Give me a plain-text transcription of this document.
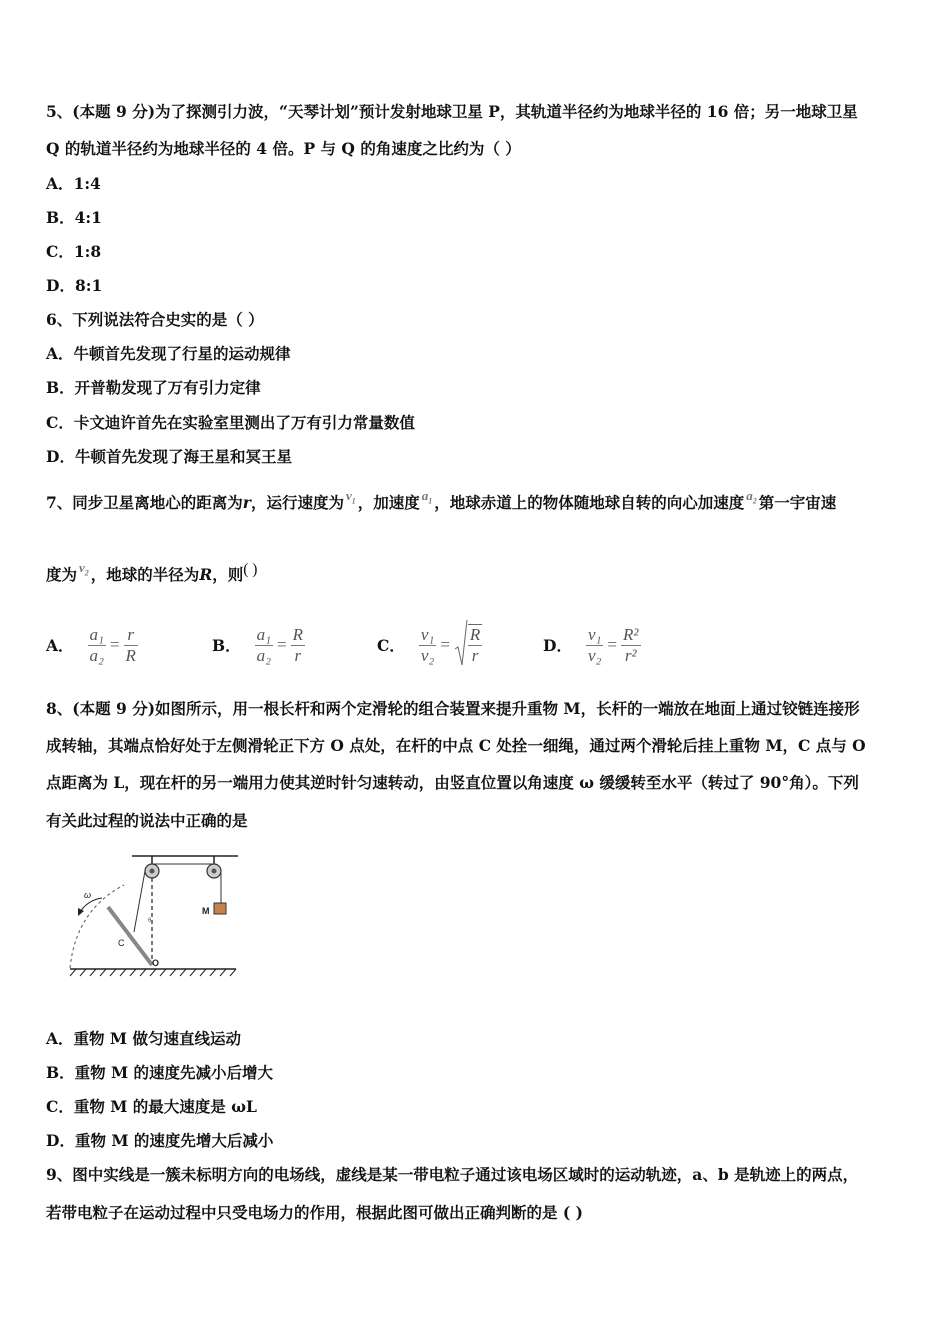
5、(本题 9 分)为了探测引力波，“天琴计划”预计发射地球卫星 P，其轨道半径约为地球半径的 16 倍；另一地球卫星
Q 的轨道半径约为地球半径的 4 倍。P 与 Q 的角速度之比约为（ ）
A．1:4
B．4:1
C．1:8
D．8:1
6、下列说法符合史实的是（ ）
A．牛顿首先发现了行星的运动规律
B．开普勒发现了万有引力定律
C．卡文迪许首先在实验室里测出了万有引力常量数值
D．牛顿首先发现了海王星和冥王星
7、同步卫星离地心的距离为r，运行速度为 $^{v_1}$ ，加速度 $^{a_1}$ ，地球赤道上的物体随地球自转的向心加速度 $^{a_2}$ 第一宇宙速
度为 $^{v_2}$ ，地球的半径为R，则( )
A． $\frac{\text{a₁}}{\text{a₂}} = \frac{r}{R}$	B． $\frac{\text{a₁}}{\text{a₂}} = \frac{R}{r}$	C． $\frac{\text{v₁}}{\text{v₂}} = \frac{R}{r}$	D． $\frac{\text{v₁}}{\text{v₂}} = \frac{\text{R²}}{\text{r²}}$
8、(本题 9 分)如图所示，用一根长杆和两个定滑轮的组合装置来提升重物 M，长杆的一端放在地面上通过铰链连接形
成转轴，其端点恰好处于左侧滑轮正下方 O 点处，在杆的中点 C 处拴一细绳，通过两个滑轮后挂上重物 M，C 点与 O
点距离为 L，现在杆的另一端用力使其逆时针匀速转动，由竖直位置以角速度 ω 缓缓转至水平（转过了 90°角）。下列
有关此过程的说法中正确的是
M
ω
θ
C
O
A．重物 M 做匀速直线运动
B．重物 M 的速度先减小后增大
C．重物 M 的最大速度是 ωL
D．重物 M 的速度先增大后减小
9、图中实线是一簇未标明方向的电场线，虚线是某一带电粒子通过该电场区域时的运动轨迹，a、b 是轨迹上的两点，
若带电粒子在运动过程中只受电场力的作用，根据此图可做出正确判断的是 ( )
